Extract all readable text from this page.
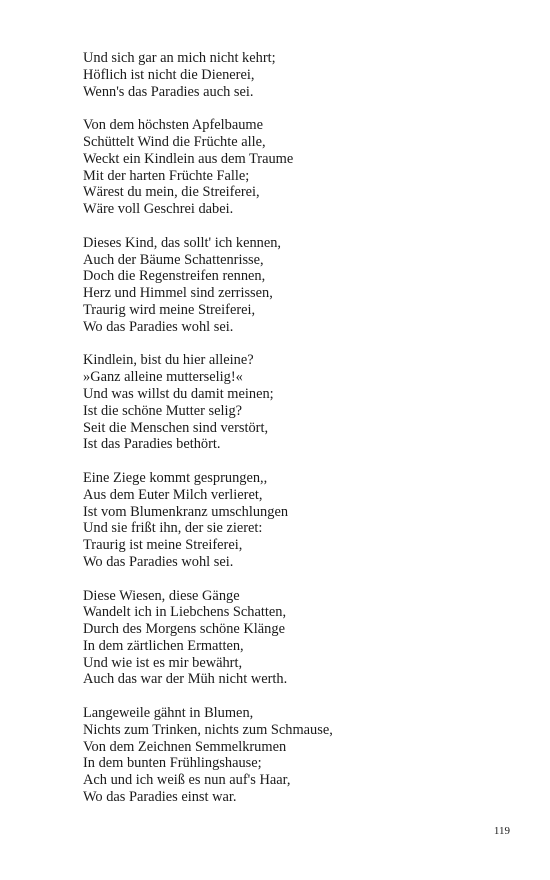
Und sich gar an mich nicht kehrt;
Höflich ist nicht die Dienerei,
Wenn's das Paradies auch sei.
Von dem höchsten Apfelbaume
Schüttelt Wind die Früchte alle,
Weckt ein Kindlein aus dem Traume
Mit der harten Früchte Falle;
Wärest du mein, die Streiferei,
Wäre voll Geschrei dabei.
Dieses Kind, das sollt' ich kennen,
Auch der Bäume Schattenrisse,
Doch die Regenstreifen rennen,
Herz und Himmel sind zerrissen,
Traurig wird meine Streiferei,
Wo das Paradies wohl sei.
Kindlein, bist du hier alleine?
»Ganz alleine mutterselig!«
Und was willst du damit meinen;
Ist die schöne Mutter selig?
Seit die Menschen sind verstört,
Ist das Paradies bethört.
Eine Ziege kommt gesprungen,,
Aus dem Euter Milch verlieret,
Ist vom Blumenkranz umschlungen
Und sie frißt ihn, der sie zieret:
Traurig ist meine Streiferei,
Wo das Paradies wohl sei.
Diese Wiesen, diese Gänge
Wandelt ich in Liebchens Schatten,
Durch des Morgens schöne Klänge
In dem zärtlichen Ermatten,
Und wie ist es mir bewährt,
Auch das war der Müh nicht werth.
Langeweile gähnt in Blumen,
Nichts zum Trinken, nichts zum Schmause,
Von dem Zeichnen Semmelkrumen
In dem bunten Frühlingshause;
Ach und ich weiß es nun auf's Haar,
Wo das Paradies einst war.
119
